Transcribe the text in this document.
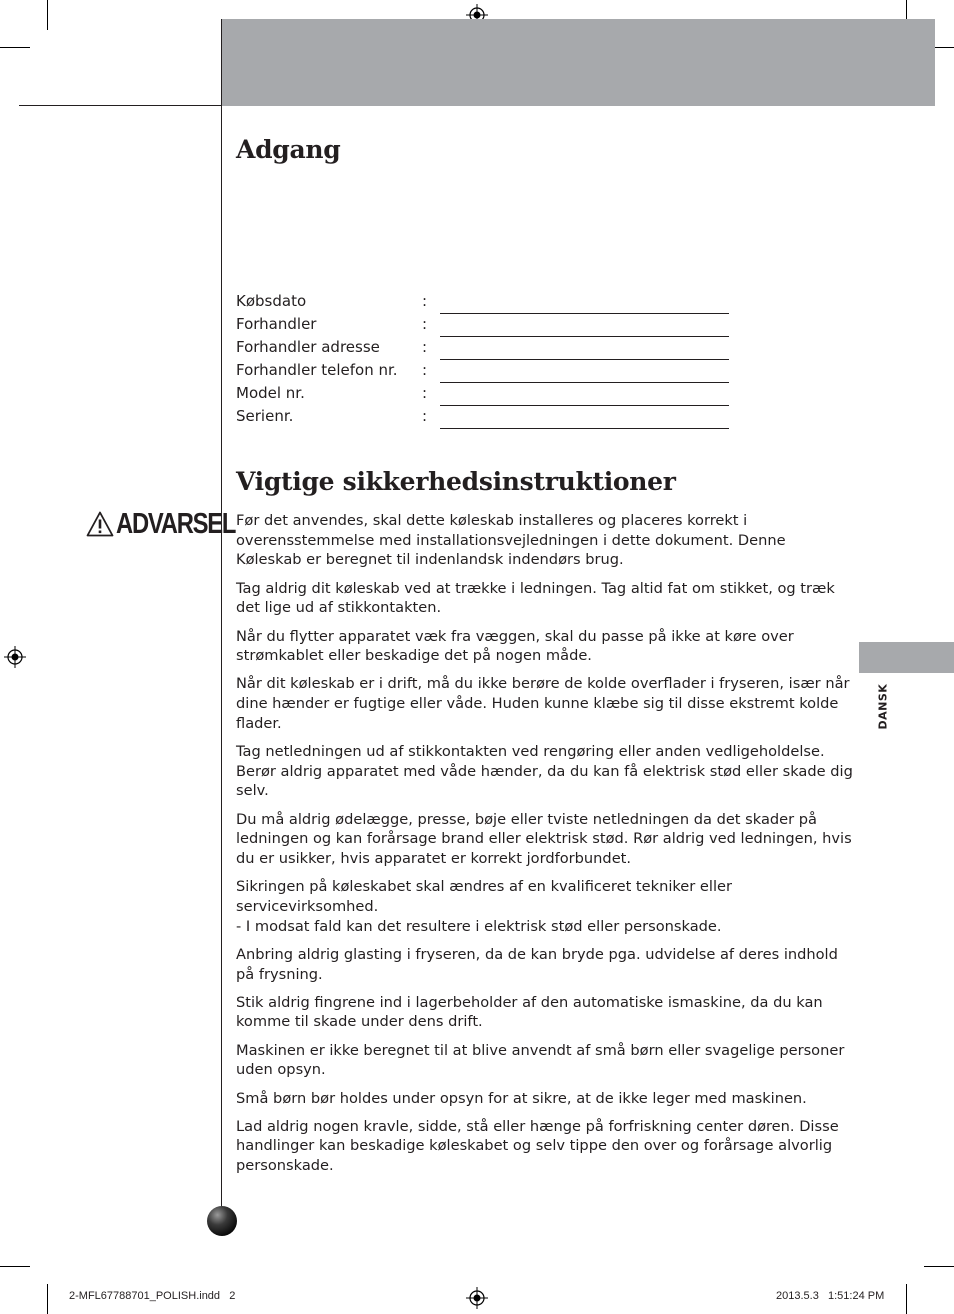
DANSK
Adgang
Købsdato	:
Forhandler	:
Forhandler adresse	:
Forhandler telefon nr. :
Model nr.	:
Serienr.	:
Vigtige sikkerhedsinstruktioner
ADVARSEL Før det anvendes, skal dette køleskab installeres og placeres korrekt i overensstemmelse med installationsvejledningen i dette dokument. Denne Køleskab er beregnet til indenlandsk indendørs brug.

Tag aldrig dit køleskab ved at trække i ledningen. Tag altid fat om stikket, og træk det lige ud af stikkontakten.

Når du flytter apparatet væk fra væggen, skal du passe på ikke at køre over strømkablet eller beskadige det på nogen måde.

Når dit køleskab er i drift, må du ikke berøre de kolde overflader i fryseren, især når dine hænder er fugtige eller våde. Huden kunne klæbe sig til disse ekstremt kolde flader.

Tag netledningen ud af stikkontakten ved rengøring eller anden vedligeholdelse. Berør aldrig apparatet med våde hænder, da du kan få elektrisk stød eller skade dig selv.

Du må aldrig ødelægge, presse, bøje eller tviste netledningen da det skader på ledningen og kan forårsage brand eller elektrisk stød. Rør aldrig ved ledningen, hvis du er usikker, hvis apparatet er korrekt jordforbundet.

Sikringen på køleskabet skal ændres af en kvalificeret tekniker eller servicevirksomhed.
- I modsat fald kan det resultere i elektrisk stød eller personskade.

Anbring aldrig glasting i fryseren, da de kan bryde pga. udvidelse af deres indhold på frysning.

Stik aldrig fingrene ind i lagerbeholder af den automatiske ismaskine, da du kan komme til skade under dens drift.

Maskinen er ikke beregnet til at blive anvendt af små børn eller svagelige personer uden opsyn.

Små børn bør holdes under opsyn for at sikre, at de ikke leger med maskinen.

Lad aldrig nogen kravle, sidde, stå eller hænge på forfriskning center døren. Disse handlinger kan beskadige køleskabet og selv tippe den over og forårsage alvorlig personskade.

2-MFL67788701_POLISH.indd   2	2013.5.3   1:51:24 PM
